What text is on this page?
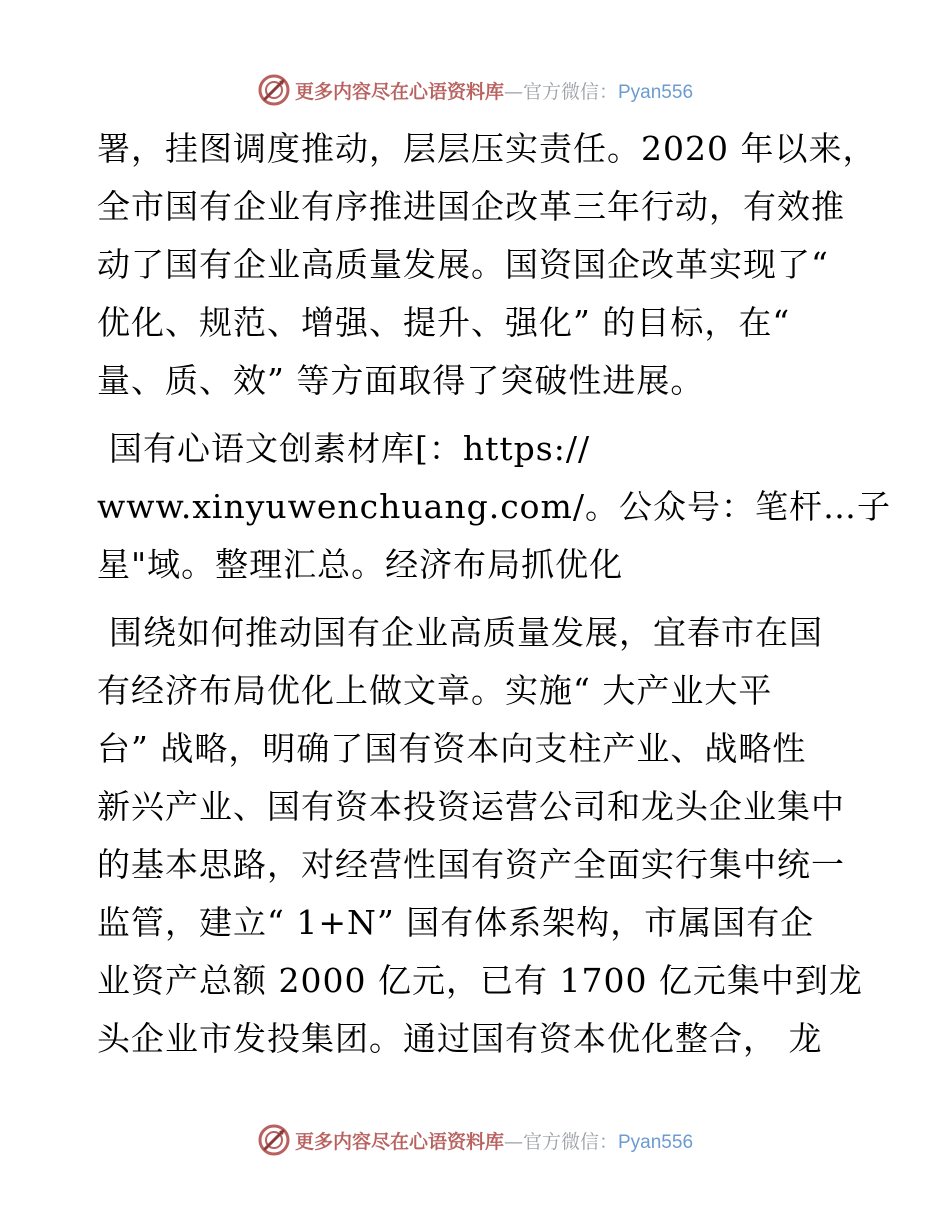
更多内容尽在心语资料库—官方微信：Pyan556
署，挂图调度推动，层层压实责任。2020 年以来，
全市国有企业有序推进国企改革三年行动，有效推
动了国有企业高质量发展。国资国企改革实现了“
优化、规范、增强、提升、强化” 的目标，在“
量、质、效” 等方面取得了突破性进展。
国有心语文创素材库[：https://
www.xinyuwenchuang.com/。公众号：笔杆…子
星"域。整理汇总。经济布局抓优化
围绕如何推动国有企业高质量发展，宜春市在国
有经济布局优化上做文章。实施“ 大产业大平
台” 战略，明确了国有资本向支柱产业、战略性
新兴产业、国有资本投资运营公司和龙头企业集中
的基本思路，对经营性国有资产全面实行集中统一
监管，建立“ 1+N” 国有体系架构，市属国有企
业资产总额 2000 亿元，已有 1700 亿元集中到龙
头企业市发投集团。通过国有资本优化整合， 龙
更多内容尽在心语资料库—官方微信：Pyan556
